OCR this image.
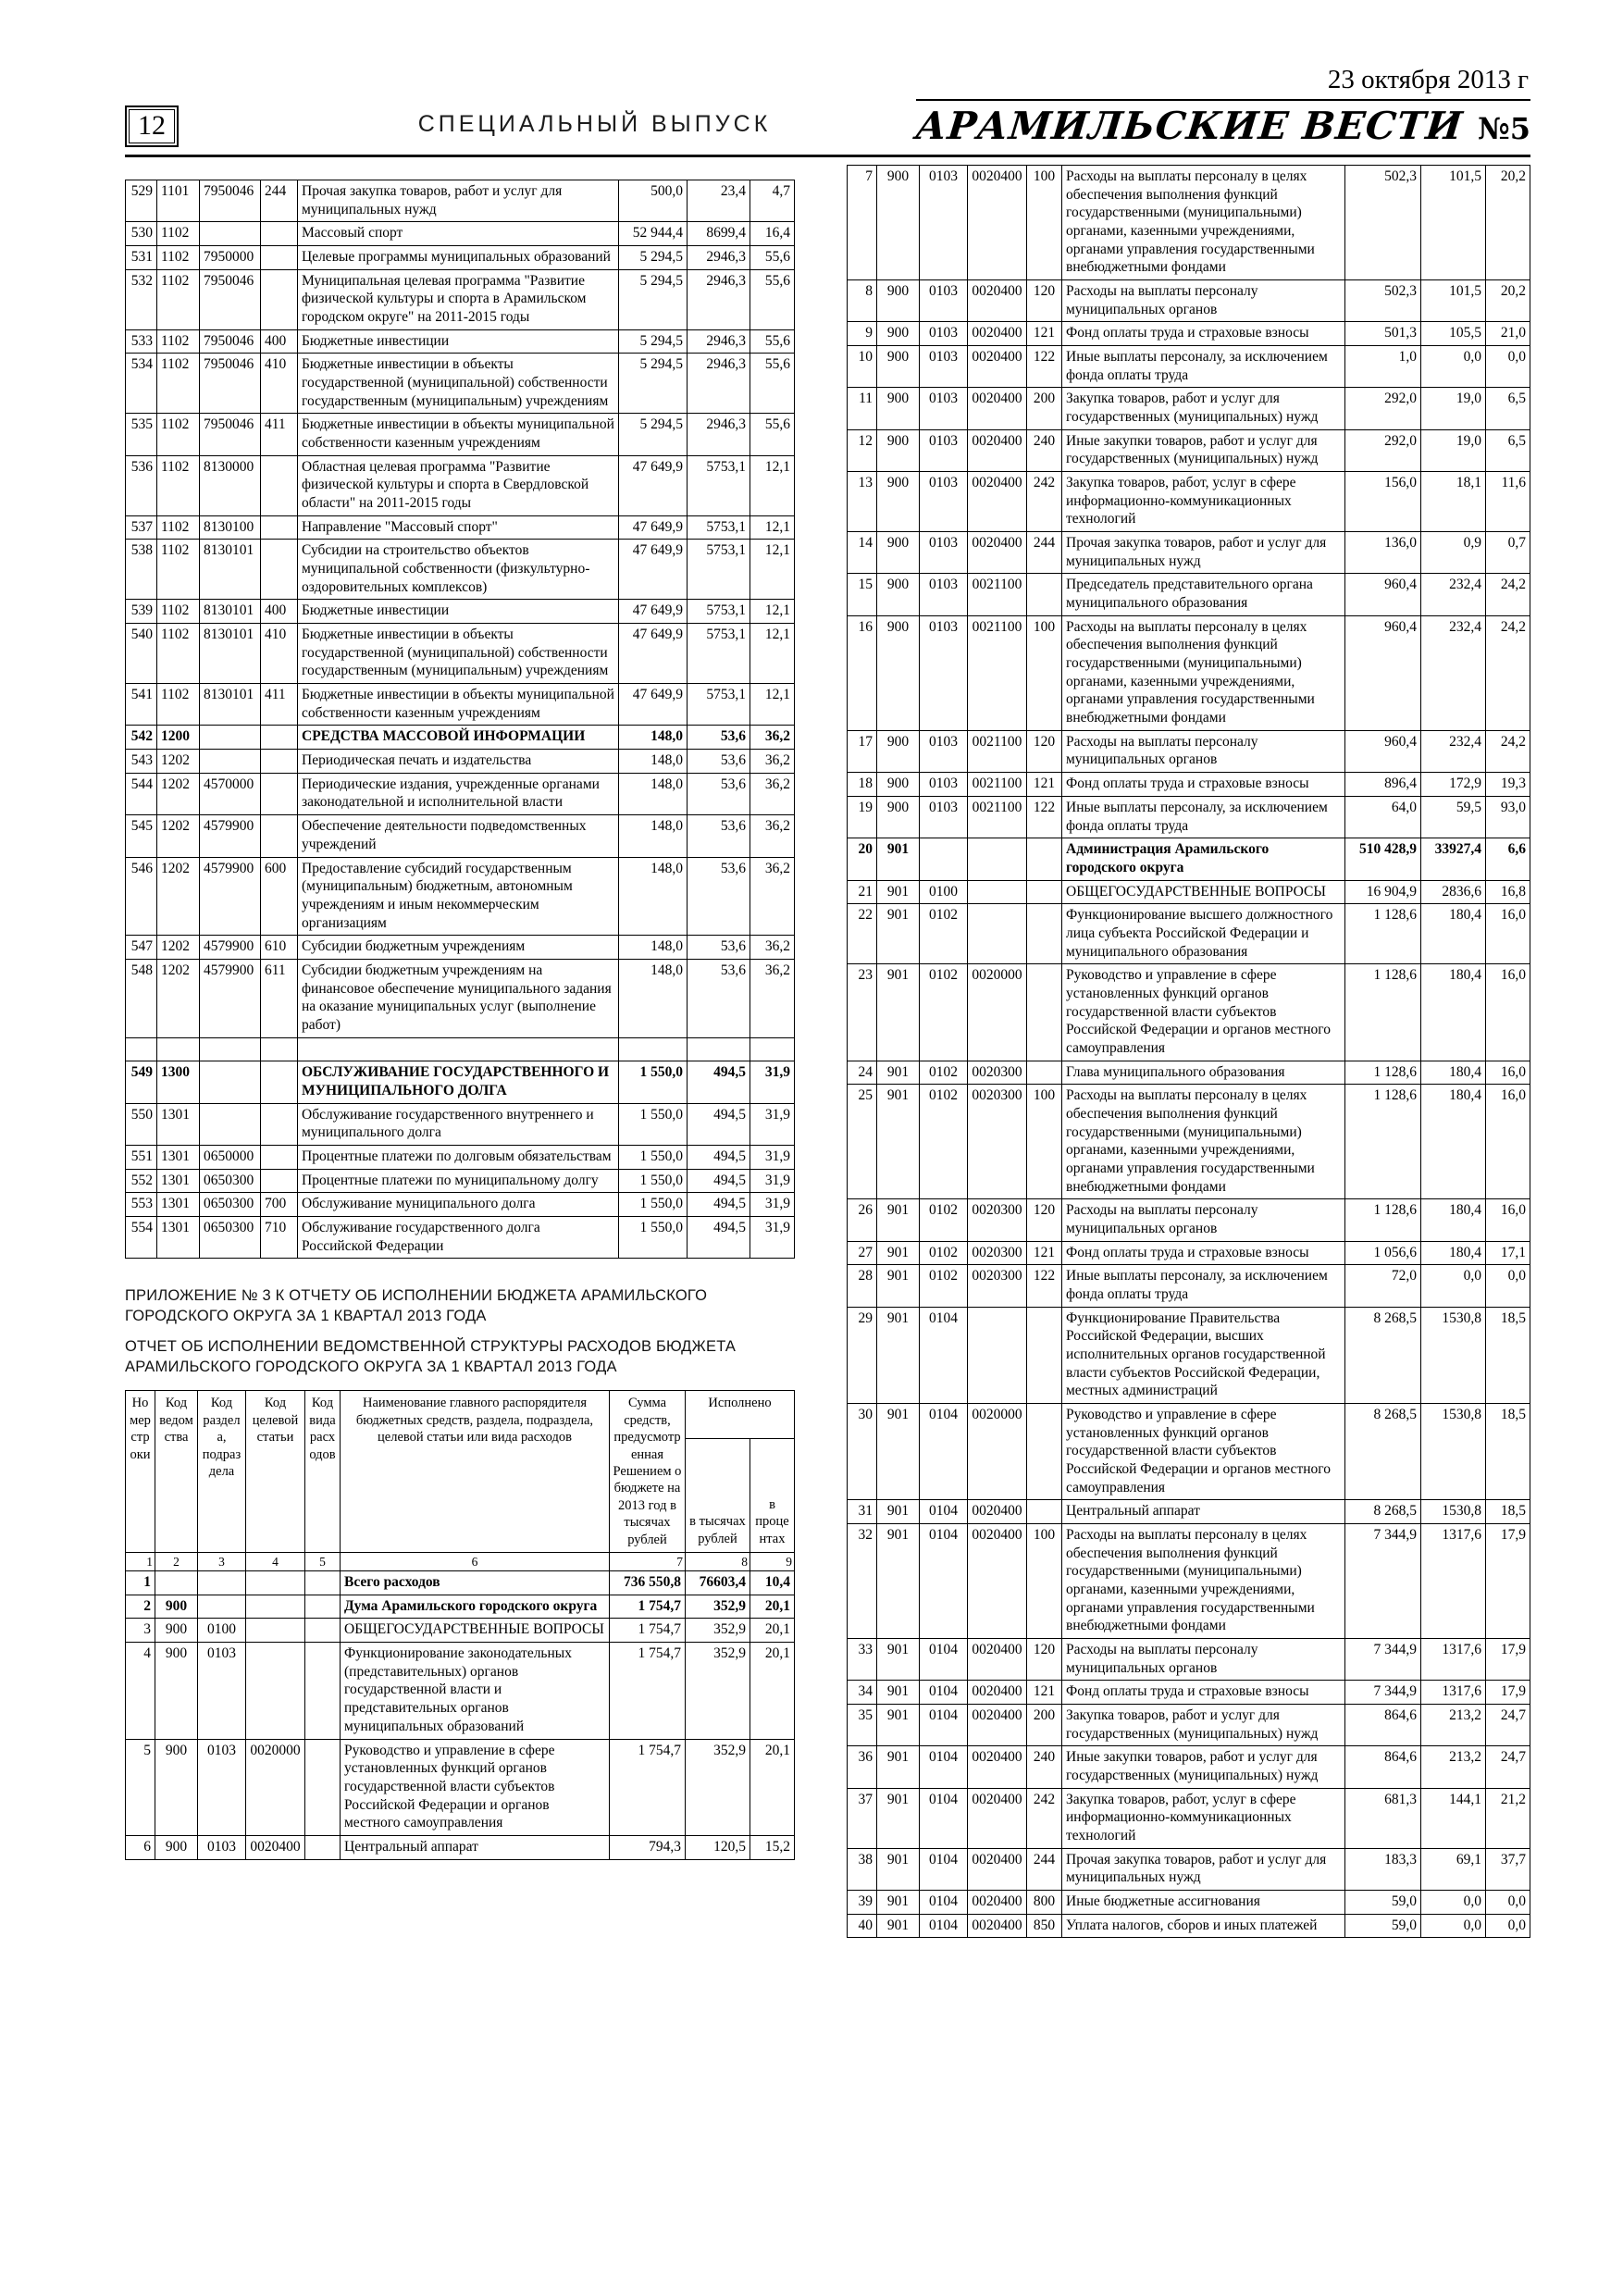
12	СПЕЦИАЛЬНЫЙ ВЫПУСК
23 октября 2013 г
АРАМИЛЬСКИЕ ВЕСТИ №5
529	1101	7950046	244	Прочая закупка товаров, работ и услуг для муниципальных нужд	500,0	23,4	4,7
530	1102			Массовый спорт	52 944,4	8699,4	16,4
531	1102	7950000		Целевые программы муниципальных образований	5 294,5	2946,3	55,6
532	1102	7950046		Муниципальная целевая программа "Развитие физической культуры и спорта в Арамильском городском округе" на 2011-2015 годы	5 294,5	2946,3	55,6
533	1102	7950046	400	Бюджетные инвестиции	5 294,5	2946,3	55,6
534	1102	7950046	410	Бюджетные инвестиции в объекты государственной (муниципальной) собственности государственным (муниципальным) учреждениям	5 294,5	2946,3	55,6
535	1102	7950046	411	Бюджетные инвестиции в объекты муниципальной собственности казенным учреждениям	5 294,5	2946,3	55,6
536	1102	8130000		Областная целевая программа "Развитие физической культуры и спорта в Свердловской области" на 2011-2015 годы	47 649,9	5753,1	12,1
537	1102	8130100		Направление "Массовый спорт"	47 649,9	5753,1	12,1
538	1102	8130101		Субсидии на строительство объектов муниципальной собственности (физкультурно-оздоровительных комплексов)	47 649,9	5753,1	12,1
539	1102	8130101	400	Бюджетные инвестиции	47 649,9	5753,1	12,1
540	1102	8130101	410	Бюджетные инвестиции в объекты государственной (муниципальной) собственности государственным (муниципальным) учреждениям	47 649,9	5753,1	12,1
541	1102	8130101	411	Бюджетные инвестиции в объекты муниципальной собственности казенным учреждениям	47 649,9	5753,1	12,1
542	1200			СРЕДСТВА МАССОВОЙ ИНФОРМАЦИИ	148,0	53,6	36,2
543	1202			Периодическая печать и издательства	148,0	53,6	36,2
544	1202	4570000		Периодические издания, учрежденные органами законодательной и исполнительной власти	148,0	53,6	36,2
545	1202	4579900		Обеспечение деятельности подведомственных учреждений	148,0	53,6	36,2
546	1202	4579900	600	Предоставление субсидий государственным (муниципальным) бюджетным, автономным учреждениям и иным некоммерческим организациям	148,0	53,6	36,2
547	1202	4579900	610	Субсидии бюджетным учреждениям	148,0	53,6	36,2
548	1202	4579900	611	Субсидии бюджетным учреждениям на финансовое обеспечение муниципального задания на оказание муниципальных услуг (выполнение работ)	148,0	53,6	36,2

549	1300			ОБСЛУЖИВАНИЕ ГОСУДАРСТВЕННОГО И МУНИЦИПАЛЬНОГО ДОЛГА	1 550,0	494,5	31,9
550	1301			Обслуживание государственного внутреннего и муниципального долга	1 550,0	494,5	31,9
551	1301	0650000		Процентные платежи по долговым обязательствам	1 550,0	494,5	31,9
552	1301	0650300		Процентные платежи по муниципальному долгу	1 550,0	494,5	31,9
553	1301	0650300	700	Обслуживание муниципального долга	1 550,0	494,5	31,9
554	1301	0650300	710	Обслуживание государственного долга Российской Федерации	1 550,0	494,5	31,9

ПРИЛОЖЕНИЕ № 3 К ОТЧЕТУ ОБ ИСПОЛНЕНИИ БЮДЖЕТА АРАМИЛЬСКОГО ГОРОДСКОГО ОКРУГА ЗА 1 КВАРТАЛ 2013 ГОДА

ОТЧЕТ ОБ ИСПОЛНЕНИИ ВЕДОМСТВЕННОЙ СТРУКТУРЫ РАСХОДОВ БЮДЖЕТА АРАМИЛЬСКОГО ГОРОДСКОГО ОКРУГА ЗА 1 КВАРТАЛ 2013 ГОДА

Номер строки	Код ведомства	Код раздела, подраздела	Код целевой статьи	Код вида расходов	Наименование главного распорядителя бюджетных средств, раздела, подраздела, целевой статьи или вида расходов	Сумма средств, предусмотренная Решением о бюджете на 2013 год в тысячах рублей	Исполнено	
							в тысячах рублей	в процентах
1	2	3	4	5	6	7	8	9
1					Всего расходов	736 550,8	76603,4	10,4
2	900				Дума Арамильского городского округа	1 754,7	352,9	20,1
3	900	0100			ОБЩЕГОСУДАРСТВЕННЫЕ ВОПРОСЫ	1 754,7	352,9	20,1
4	900	0103			Функционирование законодательных (представительных) органов государственной власти и представительных органов муниципальных образований	1 754,7	352,9	20,1
5	900	0103	0020000		Руководство и управление в сфере установленных функций органов государственной власти субъектов Российской Федерации и органов местного самоуправления	1 754,7	352,9	20,1
6	900	0103	0020400		Центральный аппарат	794,3	120,5	15,2
7	900	0103	0020400	100	Расходы на выплаты персоналу в целях обеспечения выполнения функций государственными (муниципальными) органами, казенными учреждениями, органами управления государственными внебюджетными фондами	502,3	101,5	20,2
8	900	0103	0020400	120	Расходы на выплаты персоналу муниципальных органов	502,3	101,5	20,2
9	900	0103	0020400	121	Фонд оплаты труда и страховые взносы	501,3	105,5	21,0
10	900	0103	0020400	122	Иные выплаты персоналу, за исключением фонда оплаты труда	1,0	0,0	0,0
11	900	0103	0020400	200	Закупка товаров, работ и услуг для государственных (муниципальных) нужд	292,0	19,0	6,5
12	900	0103	0020400	240	Иные закупки товаров, работ и услуг для государственных (муниципальных) нужд	292,0	19,0	6,5
13	900	0103	0020400	242	Закупка товаров, работ, услуг в сфере информационно-коммуникационных технологий	156,0	18,1	11,6
14	900	0103	0020400	244	Прочая закупка товаров, работ и услуг для муниципальных нужд	136,0	0,9	0,7
15	900	0103	0021100		Председатель представительного органа муниципального образования	960,4	232,4	24,2
16	900	0103	0021100	100	Расходы на выплаты персоналу в целях обеспечения выполнения функций государственными (муниципальными) органами, казенными учреждениями, органами управления государственными внебюджетными фондами	960,4	232,4	24,2
17	900	0103	0021100	120	Расходы на выплаты персоналу муниципальных органов	960,4	232,4	24,2
18	900	0103	0021100	121	Фонд оплаты труда и страховые взносы	896,4	172,9	19,3
19	900	0103	0021100	122	Иные выплаты персоналу, за исключением фонда оплаты труда	64,0	59,5	93,0
20	901				Администрация Арамильского городского округа	510 428,9	33927,4	6,6
21	901	0100			ОБЩЕГОСУДАРСТВЕННЫЕ ВОПРОСЫ	16 904,9	2836,6	16,8
22	901	0102			Функционирование высшего должностного лица субъекта Российской Федерации и муниципального образования	1 128,6	180,4	16,0
23	901	0102	0020000		Руководство и управление в сфере установленных функций органов государственной власти субъектов Российской Федерации и органов местного самоуправления	1 128,6	180,4	16,0
24	901	0102	0020300		Глава муниципального образования	1 128,6	180,4	16,0
25	901	0102	0020300	100	Расходы на выплаты персоналу в целях обеспечения выполнения функций государственными (муниципальными) органами, казенными учреждениями, органами управления государственными внебюджетными фондами	1 128,6	180,4	16,0
26	901	0102	0020300	120	Расходы на выплаты персоналу муниципальных органов	1 128,6	180,4	16,0
27	901	0102	0020300	121	Фонд оплаты труда и страховые взносы	1 056,6	180,4	17,1
28	901	0102	0020300	122	Иные выплаты персоналу, за исключением фонда оплаты труда	72,0	0,0	0,0
29	901	0104			Функционирование Правительства Российской Федерации, высших исполнительных органов государственной власти субъектов Российской Федерации, местных администраций	8 268,5	1530,8	18,5
30	901	0104	0020000		Руководство и управление в сфере установленных функций органов государственной власти субъектов Российской Федерации и органов местного самоуправления	8 268,5	1530,8	18,5
31	901	0104	0020400		Центральный аппарат	8 268,5	1530,8	18,5
32	901	0104	0020400	100	Расходы на выплаты персоналу в целях обеспечения выполнения функций государственными (муниципальными) органами, казенными учреждениями, органами управления государственными внебюджетными фондами	7 344,9	1317,6	17,9
33	901	0104	0020400	120	Расходы на выплаты персоналу муниципальных органов	7 344,9	1317,6	17,9
34	901	0104	0020400	121	Фонд оплаты труда и страховые взносы	7 344,9	1317,6	17,9
35	901	0104	0020400	200	Закупка товаров, работ и услуг для государственных (муниципальных) нужд	864,6	213,2	24,7
36	901	0104	0020400	240	Иные закупки товаров, работ и услуг для государственных (муниципальных) нужд	864,6	213,2	24,7
37	901	0104	0020400	242	Закупка товаров, работ, услуг в сфере информационно-коммуникационных технологий	681,3	144,1	21,2
38	901	0104	0020400	244	Прочая закупка товаров, работ и услуг для муниципальных нужд	183,3	69,1	37,7
39	901	0104	0020400	800	Иные бюджетные ассигнования	59,0	0,0	0,0
40	901	0104	0020400	850	Уплата налогов, сборов и иных платежей	59,0	0,0	0,0
